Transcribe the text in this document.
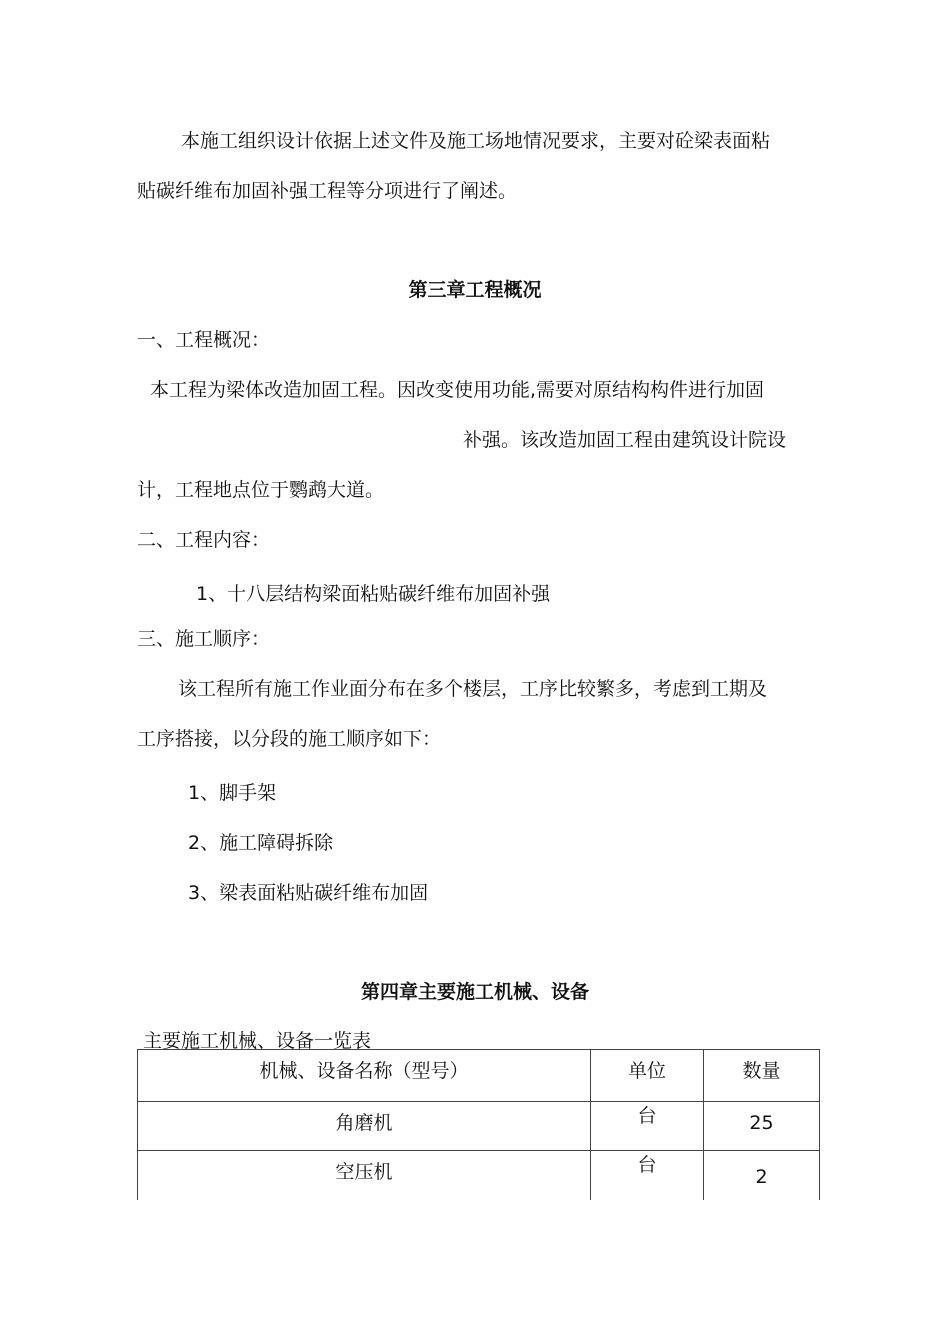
本施工组织设计依据上述文件及施工场地情况要求，主要对砼梁表面粘
贴碳纤维布加固补强工程等分项进行了阐述。
第三章工程概况
一、工程概况：
本工程为梁体改造加固工程。因改变使用功能,需要对原结构构件进行加固
补强。该改造加固工程由建筑设计院设
计，工程地点位于鹦鹉大道。
二、工程内容：
1、十八层结构梁面粘贴碳纤维布加固补强
三、施工顺序：
该工程所有施工作业面分布在多个楼层，工序比较繁多，考虑到工期及
工序搭接，以分段的施工顺序如下：
1、脚手架
2、施工障碍拆除
3、梁表面粘贴碳纤维布加固
第四章主要施工机械、设备
主要施工机械、设备一览表
机械、设备名称（型号）	单位	数量

角磨机	台	25

空压机	台	2
